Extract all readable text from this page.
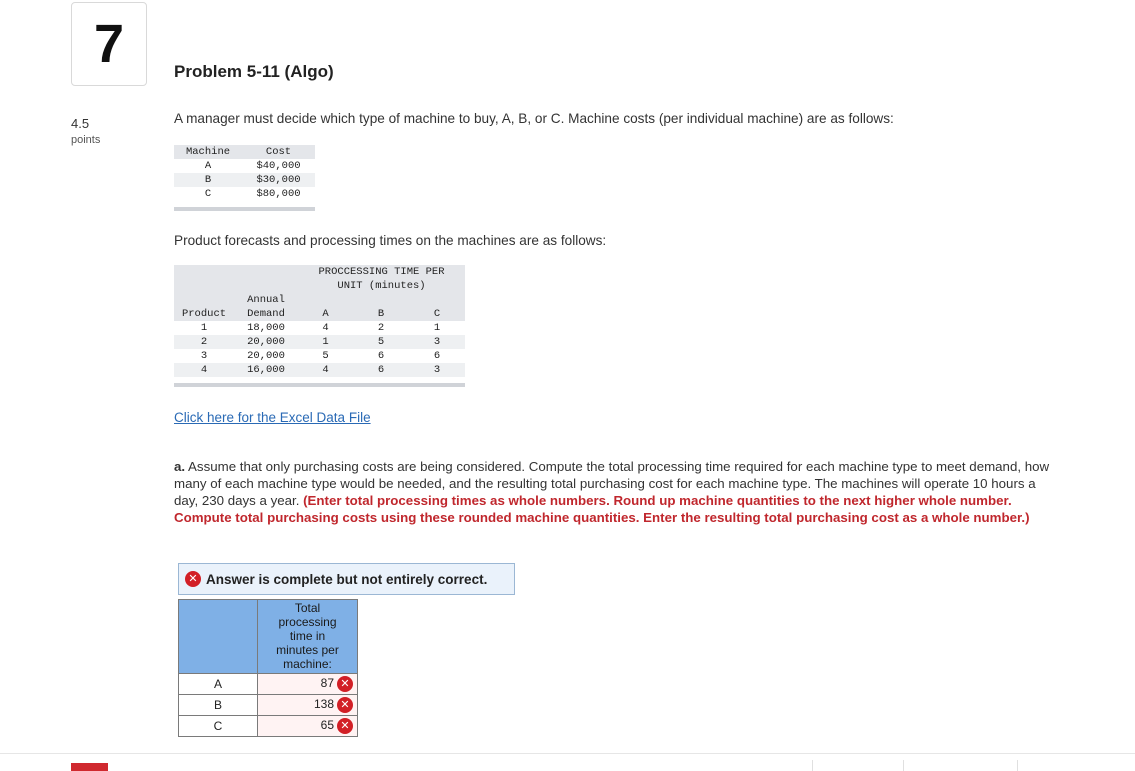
7
4.5
points
Problem 5-11 (Algo)
A manager must decide which type of machine to buy, A, B, or C. Machine costs (per individual machine) are as follows:
Machine	Cost
A	$40,000
B	$30,000
C	$80,000
Product forecasts and processing times on the machines are as follows:
PROCCESSING TIME PER
UNIT (minutes)
Annual
Product	Demand	A	B	C
1	18,000	4	2	1
2	20,000	1	5	3
3	20,000	5	6	6
4	16,000	4	6	3
Click here for the Excel Data File
a. Assume that only purchasing costs are being considered. Compute the total processing time required for each machine type to meet demand, how many of each machine type would be needed, and the resulting total purchasing cost for each machine type. The machines will operate 10 hours a day, 230 days a year. (Enter total processing times as whole numbers. Round up machine quantities to the next higher whole number. Compute total purchasing costs using these rounded machine quantities. Enter the resulting total purchasing cost as a whole number.)
✕ Answer is complete but not entirely correct.

	Total
processing
time in
minutes per
machine:

A	87 ✕
B	138 ✕
C	65 ✕
